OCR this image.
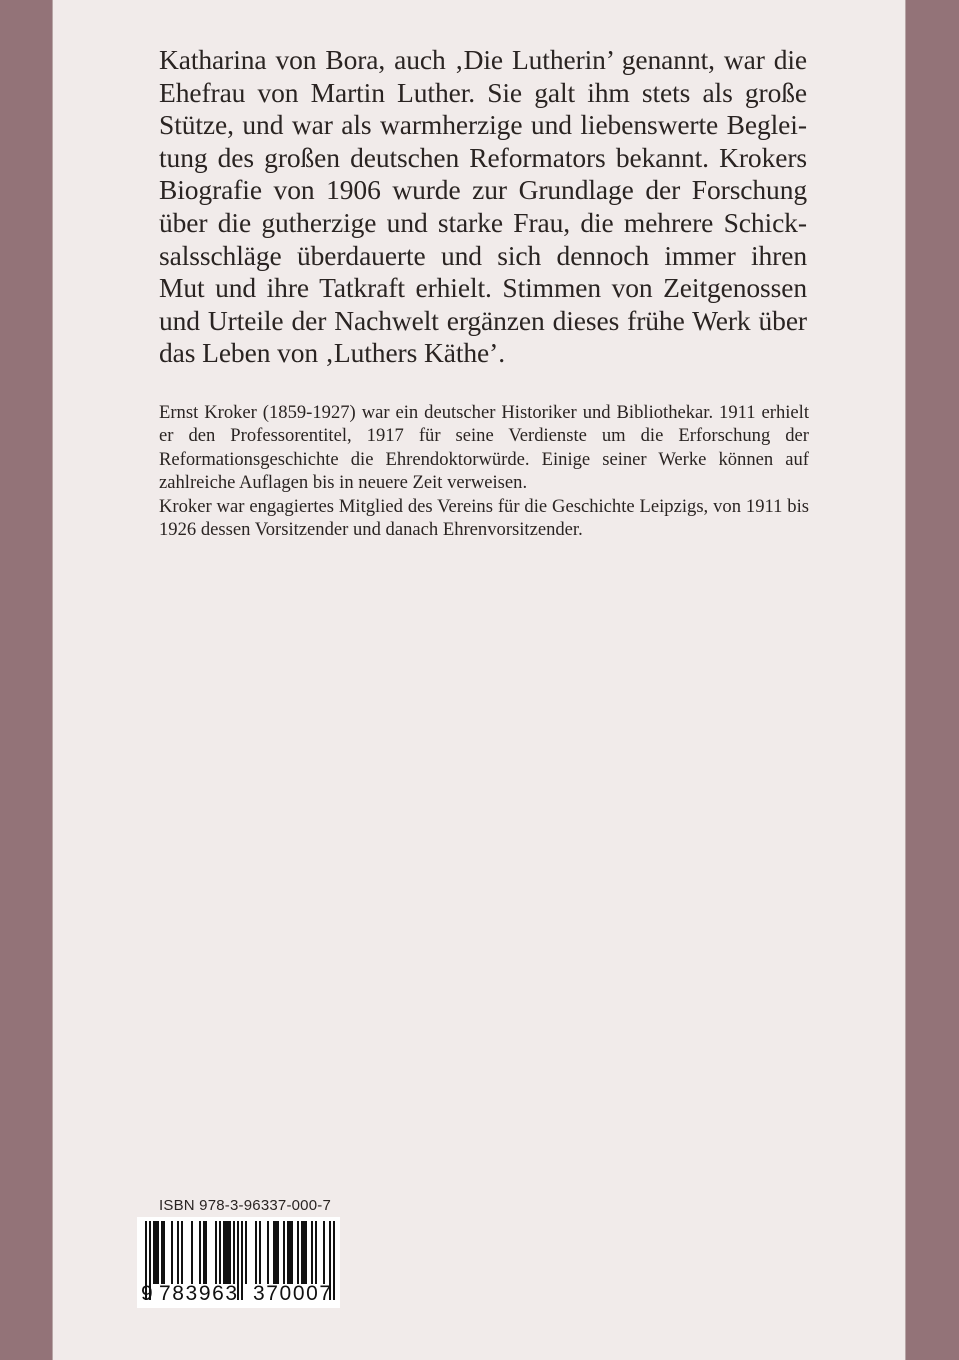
Katharina von Bora, auch ‚Die Lutherin’ genannt, war die Ehefrau von Martin Luther. Sie galt ihm stets als große Stütze, und war als warmherzige und liebenswerte Begleitung des großen deutschen Reformators bekannt. Krokers Biografie von 1906 wurde zur Grundlage der Forschung über die gutherzige und starke Frau, die mehrere Schicksalsschläge überdauerte und sich dennoch immer ihren Mut und ihre Tatkraft erhielt. Stimmen von Zeitgenossen und Urteile der Nachwelt ergänzen dieses frühe Werk über das Leben von ‚Luthers Käthe’.

Ernst Kroker (1859-1927) war ein deutscher Historiker und Bibliothekar. 1911 erhielt er den Professorentitel, 1917 für seine Verdienste um die Erforschung der Reformationsgeschichte die Ehrendoktorwürde. Einige seiner Werke können auf zahlreiche Auflagen bis in neuere Zeit verweisen.
Kroker war engagiertes Mitglied des Vereins für die Geschichte Leipzigs, von 1911 bis 1926 dessen Vorsitzender und danach Ehrenvorsitzender.
ISBN 978-3-96337-000-7
9 783963 370007
